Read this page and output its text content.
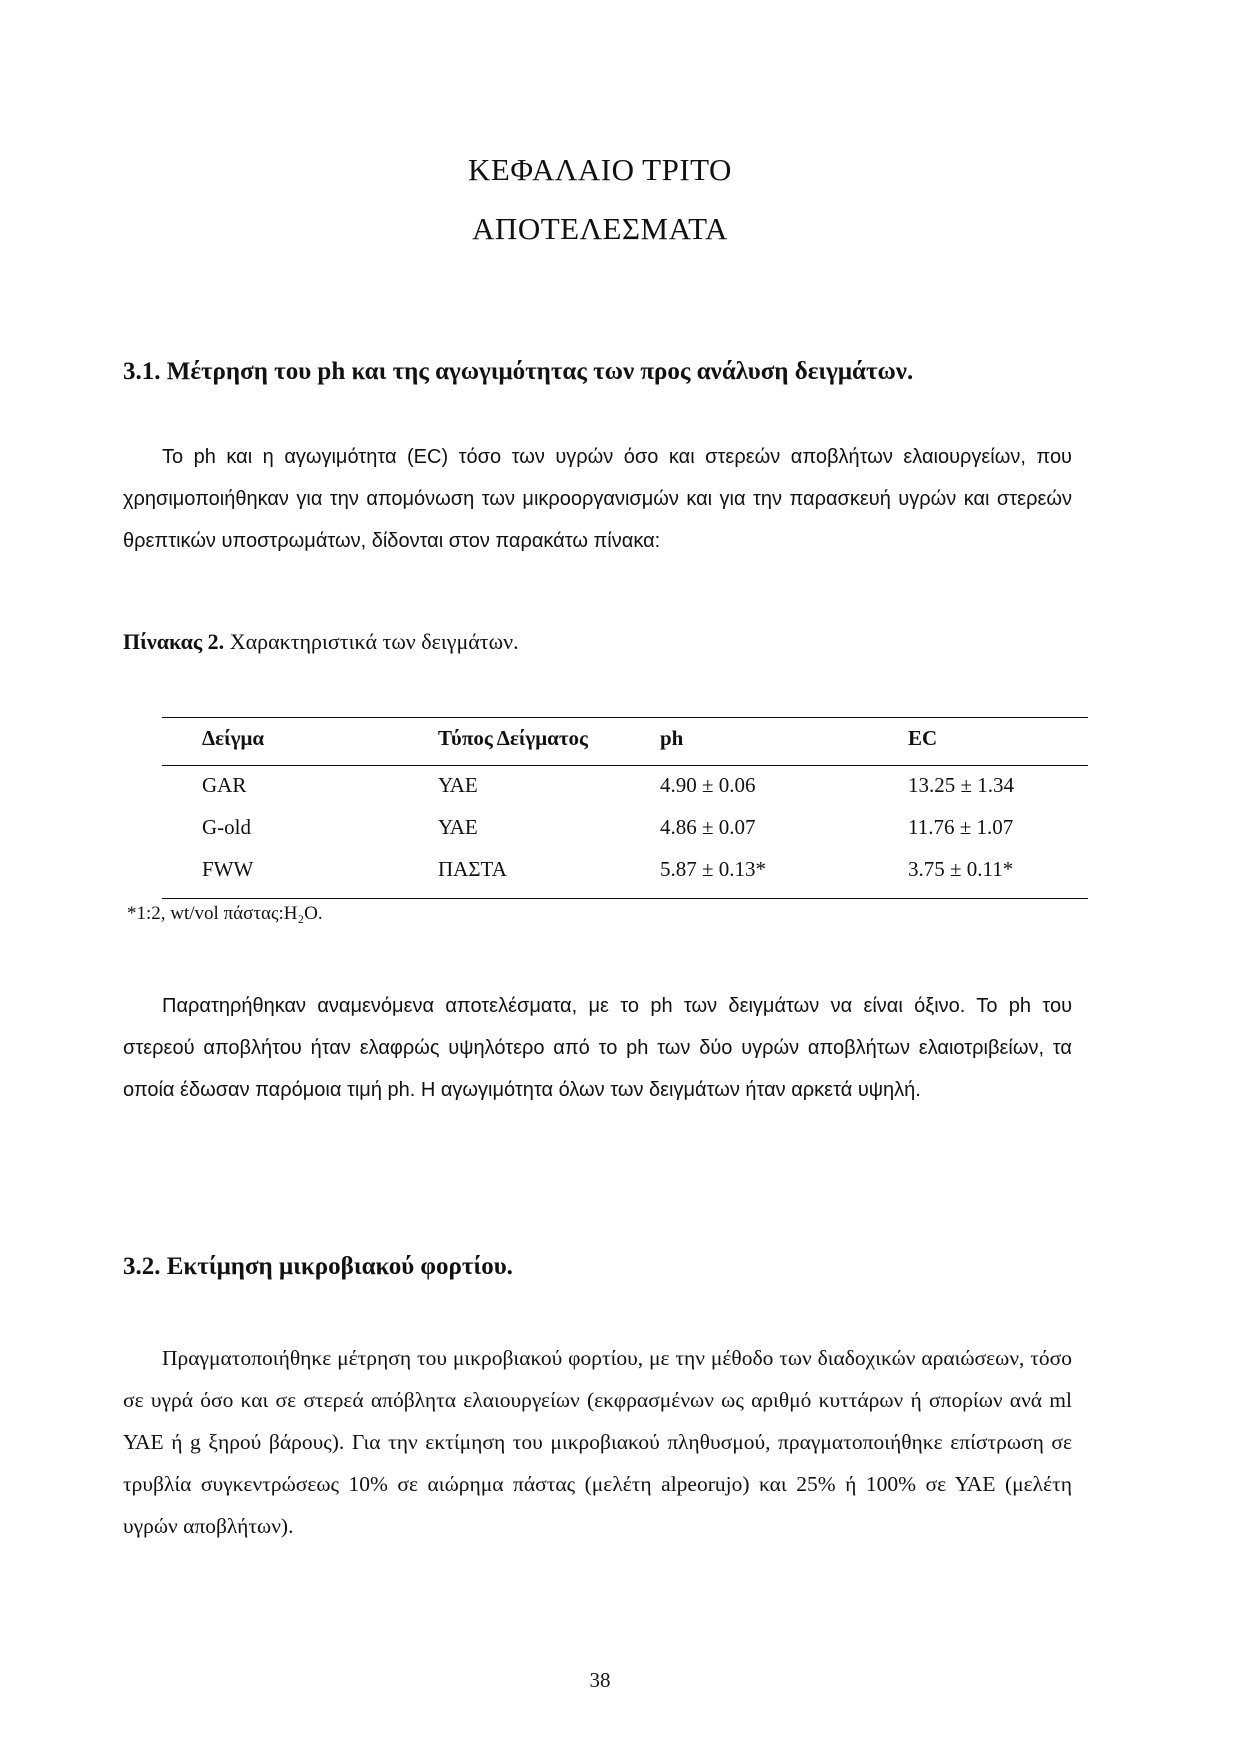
ΚΕΦΑΛΑΙΟ ΤΡΙΤΟ
ΑΠΟΤΕΛΕΣΜΑΤΑ
3.1. Μέτρηση του ph και της αγωγιμότητας των προς ανάλυση δειγμάτων.
Το ph και η αγωγιμότητα (EC) τόσο των υγρών όσο και στερεών αποβλήτων ελαιουργείων, που χρησιμοποιήθηκαν για την απομόνωση των μικροοργανισμών και για την παρασκευή υγρών και στερεών θρεπτικών υποστρωμάτων, δίδονται στον παρακάτω πίνακα:
Πίνακας 2. Χαρακτηριστικά των δειγμάτων.
Δείγμα	Τύπος Δείγματος	ph	EC
GAR	ΥΑΕ	4.90 ± 0.06	13.25 ± 1.34
G-old	ΥΑΕ	4.86 ± 0.07	11.76 ± 1.07
FWW	ΠΑΣΤΑ	5.87 ± 0.13*	3.75 ± 0.11*
*1:2, wt/vol πάστας:H₂O.
Παρατηρήθηκαν αναμενόμενα αποτελέσματα, με το ph των δειγμάτων να είναι όξινο. Το ph του στερεού αποβλήτου ήταν ελαφρώς υψηλότερο από το ph των δύο υγρών αποβλήτων ελαιοτριβείων, τα οποία έδωσαν παρόμοια τιμή ph. Η αγωγιμότητα όλων των δειγμάτων ήταν αρκετά υψηλή.
3.2. Εκτίμηση μικροβιακού φορτίου.
Πραγματοποιήθηκε μέτρηση του μικροβιακού φορτίου, με την μέθοδο των διαδοχικών αραιώσεων, τόσο σε υγρά όσο και σε στερεά απόβλητα ελαιουργείων (εκφρασμένων ως αριθμό κυττάρων ή σπορίων ανά ml ΥΑΕ ή g ξηρού βάρους). Για την εκτίμηση του μικροβιακού πληθυσμού, πραγματοποιήθηκε επίστρωση σε τρυβλία συγκεντρώσεως 10% σε αιώρημα πάστας (μελέτη alpeorujo) και 25% ή 100% σε ΥΑΕ (μελέτη υγρών αποβλήτων).
38
